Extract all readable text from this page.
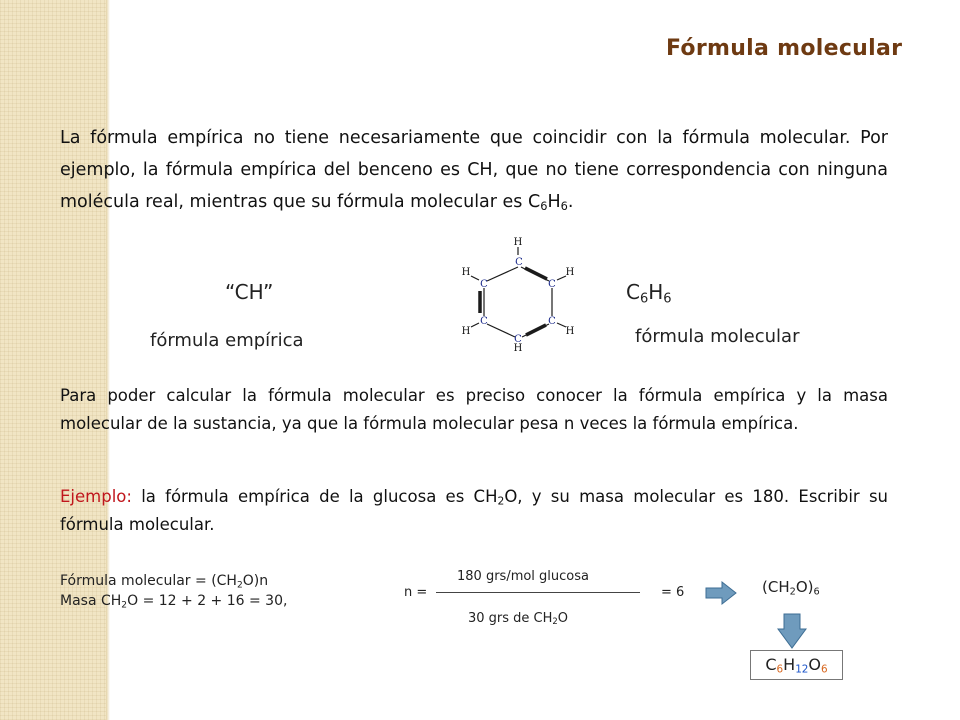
Fórmula molecular

La fórmula empírica no tiene necesariamente que coincidir con la fórmula molecular. Por ejemplo, la fórmula empírica del benceno es CH, que no tiene correspondencia con ninguna molécula real, mientras que su fórmula molecular es $C_6H_6$.

“CH”
fórmula empírica
H
C
H
C	C
H
H
C	C
H
C
H
$C_6H_6$
fórmula molecular

Para poder calcular la fórmula molecular es preciso conocer la fórmula empírica y la masa molecular de la sustancia, ya que la fórmula molecular pesa n veces la fórmula empírica.

Ejemplo: la fórmula empírica de la glucosa es $CH_2O$, y su masa molecular es 180. Escribir su fórmula molecular.

Fórmula molecular = $(CH_2O)n$
Masa $CH_2O = 12 + 2 + 16 = 30$,
n =
180 grs/mol glucosa
30 grs de $CH_2O$
= 6	$(CH_2O)_6$
$C_6H_{12}O_6$
